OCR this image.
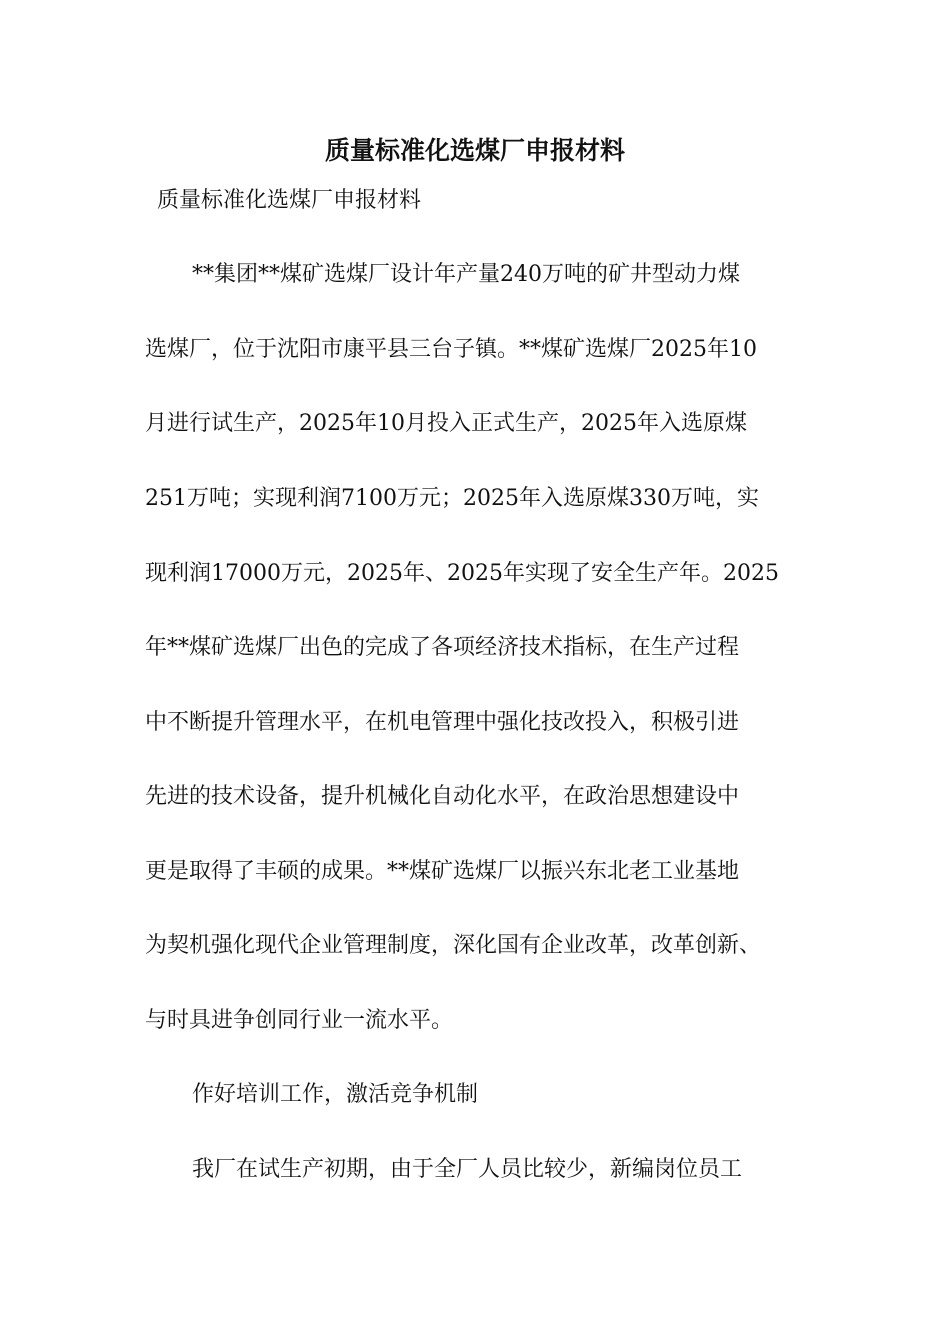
质量标准化选煤厂申报材料

质量标准化选煤厂申报材料

**集团**煤矿选煤厂设计年产量240万吨的矿井型动力煤

选煤厂，位于沈阳市康平县三台子镇。**煤矿选煤厂2025年10

月进行试生产，2025年10月投入正式生产，2025年入选原煤

251万吨；实现利润7100万元；2025年入选原煤330万吨，实

现利润17000万元，2025年、2025年实现了安全生产年。2025

年**煤矿选煤厂出色的完成了各项经济技术指标，在生产过程

中不断提升管理水平，在机电管理中强化技改投入，积极引进

先进的技术设备，提升机械化自动化水平，在政治思想建设中

更是取得了丰硕的成果。**煤矿选煤厂以振兴东北老工业基地

为契机强化现代企业管理制度，深化国有企业改革，改革创新、

与时具进争创同行业一流水平。

作好培训工作，激活竞争机制

我厂在试生产初期，由于全厂人员比较少，新编岗位员工
